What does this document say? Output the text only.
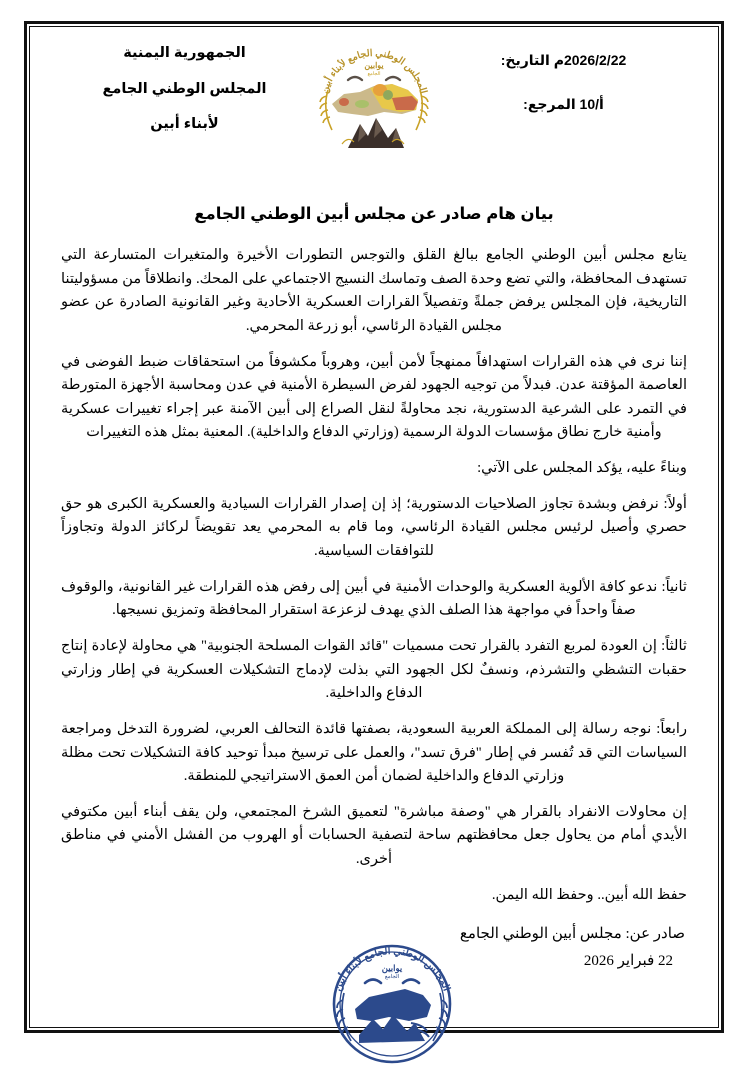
الجمهورية اليمنية
المجلس الوطني الجامع
لأبناء أبين
المجلس الوطني الجامع لأبناء أبين
يوابين
الجامع
2026/2/22م التاريخ:
أ/10 المرجع:
بيان هام صادر عن مجلس أبين الوطني الجامع

يتابع مجلس أبين الوطني الجامع ببالغ القلق والتوجس التطورات الأخيرة والمتغيرات المتسارعة التي تستهدف المحافظة، والتي تضع وحدة الصف وتماسك النسيج الاجتماعي على المحك. وانطلاقاً من مسؤوليتنا التاريخية، فإن المجلس يرفض جملةً وتفصيلاً القرارات العسكرية الأحادية وغير القانونية الصادرة عن عضو مجلس القيادة الرئاسي، أبو زرعة المحرمي.

إننا نرى في هذه القرارات استهدافاً ممنهجاً لأمن أبين، وهروباً مكشوفاً من استحقاقات ضبط الفوضى في العاصمة المؤقتة عدن. فبدلاً من توجيه الجهود لفرض السيطرة الأمنية في عدن ومحاسبة الأجهزة المتورطة في التمرد على الشرعية الدستورية، نجد محاولةً لنقل الصراع إلى أبين الآمنة عبر إجراء تغييرات عسكرية وأمنية خارج نطاق مؤسسات الدولة الرسمية (وزارتي الدفاع والداخلية). المعنية بمثل هذه التغييرات

وبناءً عليه، يؤكد المجلس على الآتي:

أولاً: نرفض وبشدة تجاوز الصلاحيات الدستورية؛ إذ إن إصدار القرارات السيادية والعسكرية الكبرى هو حق حصري وأصيل لرئيس مجلس القيادة الرئاسي، وما قام به المحرمي يعد تقويضاً لركائز الدولة وتجاوزاً للتوافقات السياسية.

ثانياً: ندعو كافة الألوية العسكرية والوحدات الأمنية في أبين إلى رفض هذه القرارات غير القانونية، والوقوف صفاً واحداً في مواجهة هذا الصلف الذي يهدف لزعزعة استقرار المحافظة وتمزيق نسيجها.

ثالثاً: إن العودة لمربع التفرد بالقرار تحت مسميات "قائد القوات المسلحة الجنوبية" هي محاولة لإعادة إنتاج حقبات التشظي والتشرذم، ونسفٌ لكل الجهود التي بذلت لإدماج التشكيلات العسكرية في إطار وزارتي الدفاع والداخلية.

رابعاً: نوجه رسالة إلى المملكة العربية السعودية، بصفتها قائدة التحالف العربي، لضرورة التدخل ومراجعة السياسات التي قد تُفسر في إطار "فرق تسد"، والعمل على ترسيخ مبدأ توحيد كافة التشكيلات تحت مظلة وزارتي الدفاع والداخلية لضمان أمن العمق الاستراتيجي للمنطقة.

إن محاولات الانفراد بالقرار هي "وصفة مباشرة" لتعميق الشرخ المجتمعي، ولن يقف أبناء أبين مكتوفي الأيدي أمام من يحاول جعل محافظتهم ساحة لتصفية الحسابات أو الهروب من الفشل الأمني في مناطق أخرى.

حفظ الله أبين.. وحفظ الله اليمن.

صادر عن: مجلس أبين الوطني الجامع
22 فبراير 2026
المجلس الوطني الجامع لأبناء أبين
يوابين
الجامع
